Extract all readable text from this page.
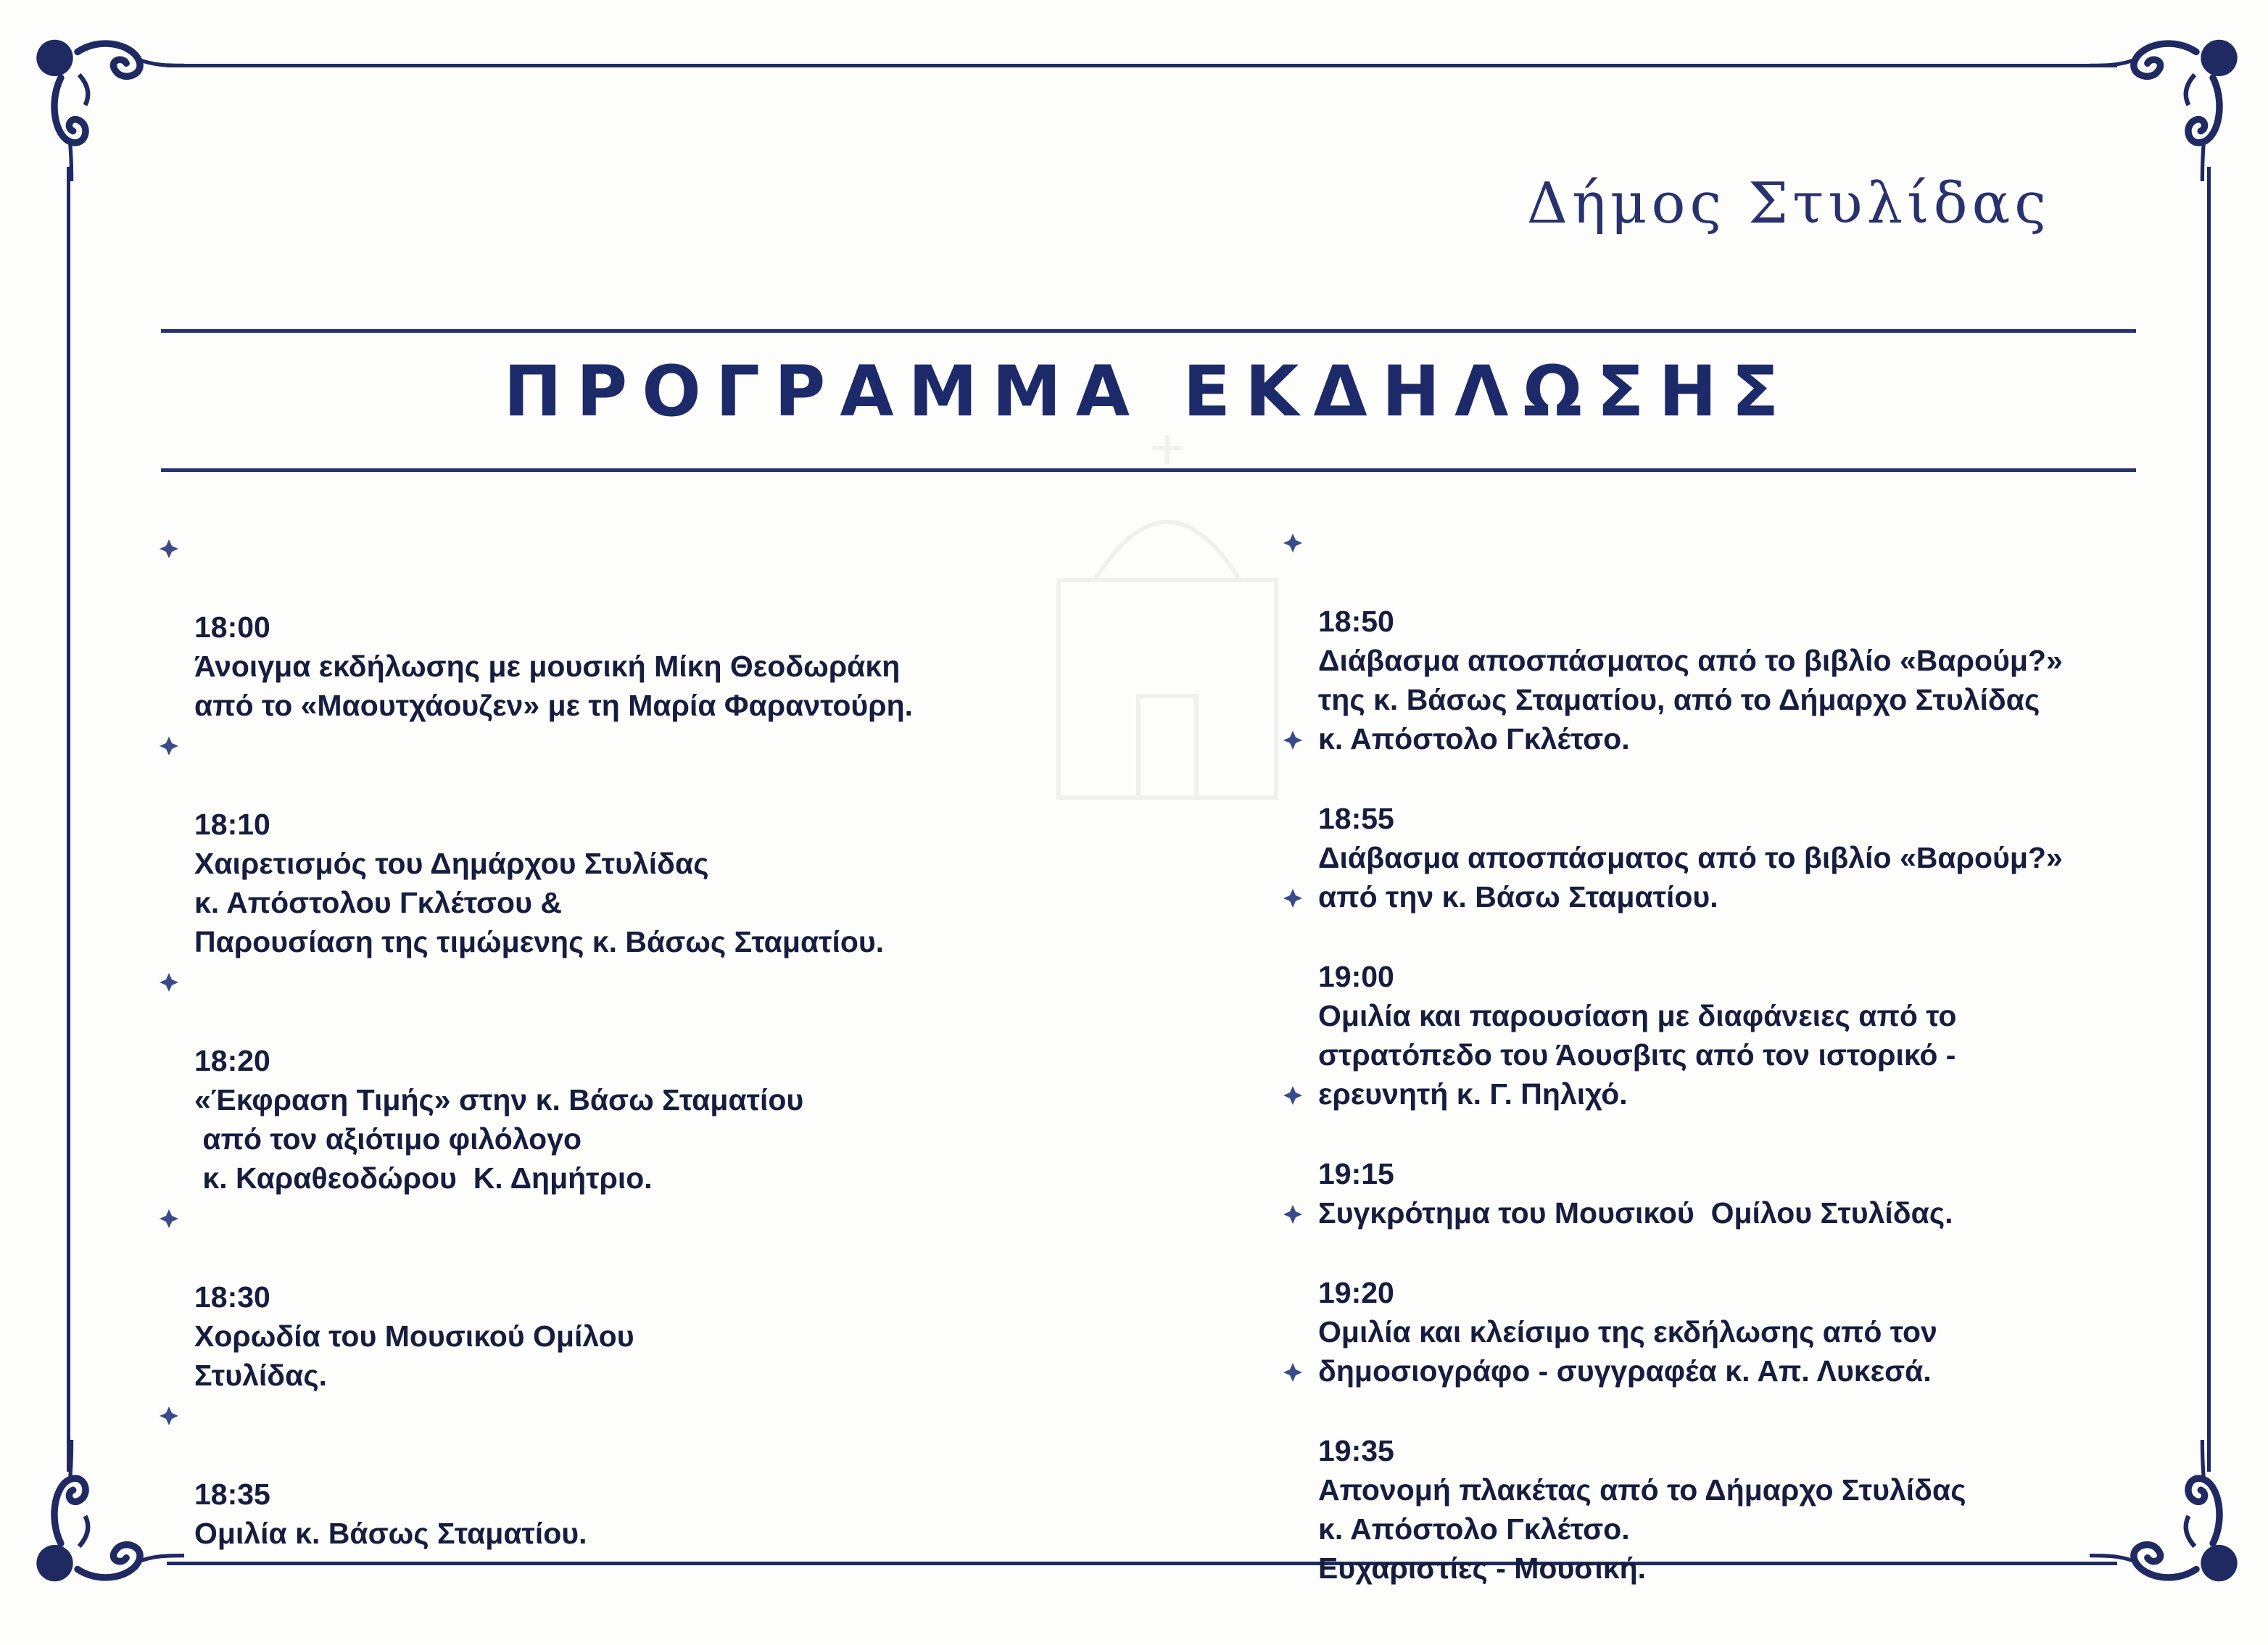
Δήμος Στυλίδας
ΠΡΟΓΡΑΜΜΑ ΕΚΔΗΛΩΣΗΣ

18:00
Άνοιγμα εκδήλωσης με μουσική Μίκη Θεοδωράκη
από το «Μαουτχάουζεν» με τη Μαρία Φαραντούρη.

18:10
Χαιρετισμός του Δημάρχου Στυλίδας
κ. Απόστολου Γκλέτσου &
Παρουσίαση της τιμώμενης κ. Βάσως Σταματίου.

18:20
«Έκφραση Τιμής» στην κ. Βάσω Σταματίου
από τον αξιότιμο φιλόλογο
κ. Καραθεοδώρου  Κ. Δημήτριο.

18:30
Χορωδία του Μουσικού Ομίλου
Στυλίδας.

18:35
Ομιλία κ. Βάσως Σταματίου.

18:50
Διάβασμα αποσπάσματος από το βιβλίο «Βαρούμ?»
της κ. Βάσως Σταματίου, από το Δήμαρχο Στυλίδας
κ. Απόστολο Γκλέτσο.

18:55
Διάβασμα αποσπάσματος από το βιβλίο «Βαρούμ?»
από την κ. Βάσω Σταματίου.

19:00
Ομιλία και παρουσίαση με διαφάνειες από το
στρατόπεδο του Άουσβιτς από τον ιστορικό -
ερευνητή κ. Γ. Πηλιχό.

19:15
Συγκρότημα του Μουσικού  Ομίλου Στυλίδας.

19:20
Ομιλία και κλείσιμο της εκδήλωσης από τον
δημοσιογράφο - συγγραφέα κ. Απ. Λυκεσά.

19:35
Απονομή πλακέτας από το Δήμαρχο Στυλίδας
κ. Απόστολο Γκλέτσο.
Ευχαριστίες - Μουσική.
